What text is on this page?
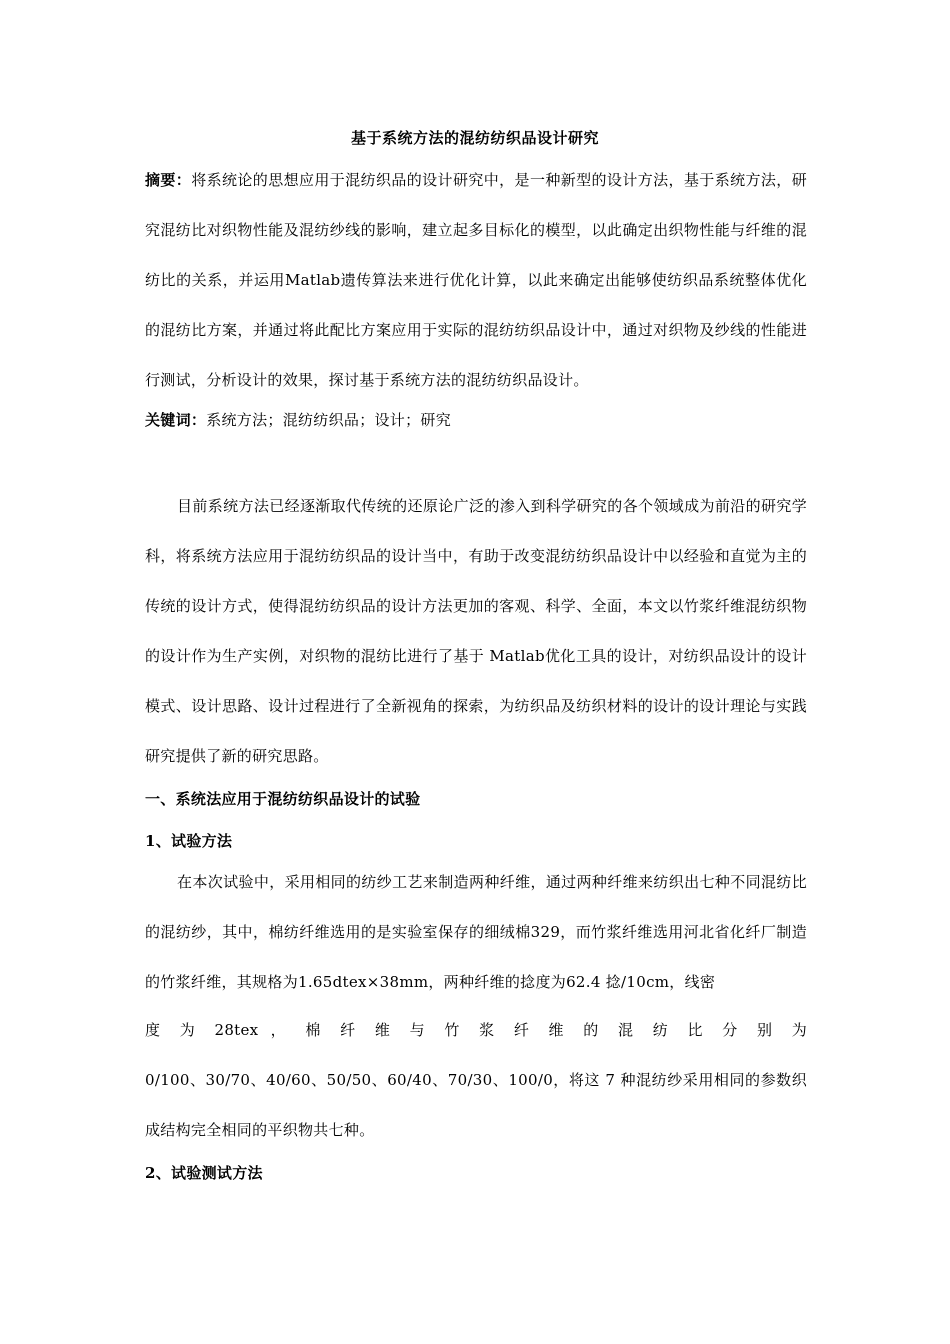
基于系统方法的混纺纺织品设计研究
摘要：将系统论的思想应用于混纺织品的设计研究中，是一种新型的设计方法，基于系统方法，研究混纺比对织物性能及混纺纱线的影响，建立起多目标化的模型，以此确定出织物性能与纤维的混纺比的关系，并运用Matlab遗传算法来进行优化计算，以此来确定出能够使纺织品系统整体优化的混纺比方案，并通过将此配比方案应用于实际的混纺纺织品设计中，通过对织物及纱线的性能进行测试，分析设计的效果，探讨基于系统方法的混纺纺织品设计。
关键词：系统方法；混纺纺织品；设计；研究
目前系统方法已经逐渐取代传统的还原论广泛的渗入到科学研究的各个领域成为前沿的研究学科，将系统方法应用于混纺纺织品的设计当中，有助于改变混纺纺织品设计中以经验和直觉为主的传统的设计方式，使得混纺纺织品的设计方法更加的客观、科学、全面，本文以竹浆纤维混纺织物的设计作为生产实例，对织物的混纺比进行了基于 Matlab优化工具的设计，对纺织品设计的设计模式、设计思路、设计过程进行了全新视角的探索，为纺织品及纺织材料的设计的设计理论与实践研究提供了新的研究思路。
一、系统法应用于混纺纺织品设计的试验
1、试验方法
在本次试验中，采用相同的纺纱工艺来制造两种纤维，通过两种纤维来纺织出七种不同混纺比的混纺纱，其中，棉纺纤维选用的是实验室保存的细绒棉329，而竹浆纤维选用河北省化纤厂制造的竹浆纤维，其规格为1.65dtex×38mm，两种纤维的捻度为62.4 捻/10cm，线密
度 为 28tex ， 棉 纤 维 与 竹 浆 纤 维 的 混 纺 比 分 别 为
0/100、30/70、40/60、50/50、60/40、70/30、100/0，将这 7 种混纺纱采用相同的参数织成结构完全相同的平织物共七种。
2、试验测试方法
